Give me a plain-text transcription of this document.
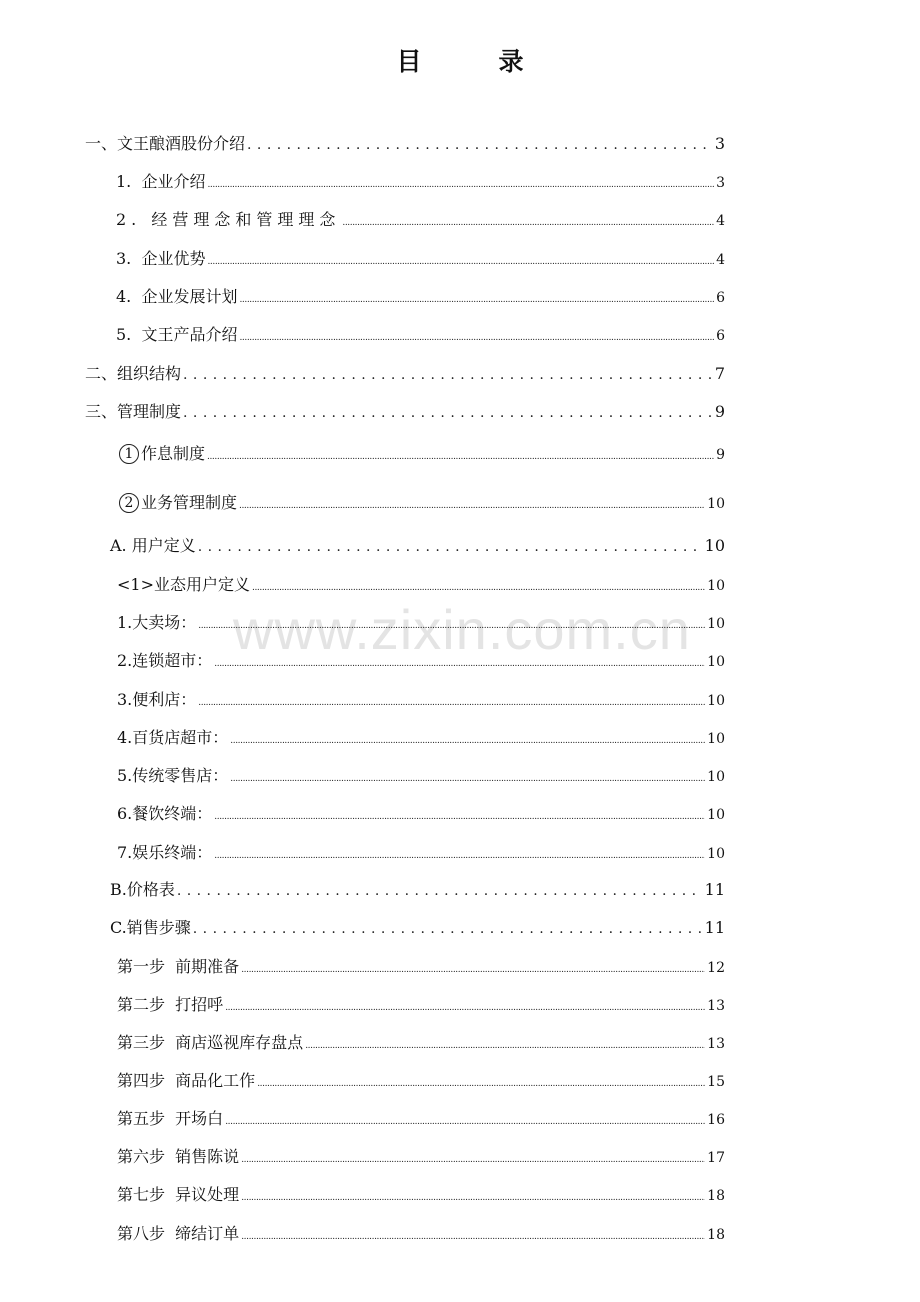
目　录
www.zixin.com.cn
一、文王酿酒股份介绍 . . .	3
1.  企业介绍 .....	3
2. 经营理念和管理理念 .....	4
3.  企业优势 .....	4
4.  企业发展计划 .....	6
5.  文王产品介绍 .....	6
二、组织结构 . . .	7
三、管理制度 . . .	9
1 作息制度 .....	9
2 业务管理制度 .....	10
A. 用户定义 . . .	10
<1>业态用户定义 .....	10
1.大卖场： .....	10
2.连锁超市： .....	10
3.便利店： .....	10
4.百货店超市： .....	10
5.传统零售店： .....	10
6.餐饮终端： .....	10
7.娱乐终端： .....	10
B.价格表 . . .	11
C.销售步骤 . . .	11
第一步  前期准备 .....	12
第二步  打招呼 .....	13
第三步  商店巡视库存盘点 .....	13
第四步  商品化工作 .....	15
第五步  开场白 .....	16
第六步  销售陈说 .....	17
第七步  异议处理 .....	18
第八步  缔结订单 .....	18
